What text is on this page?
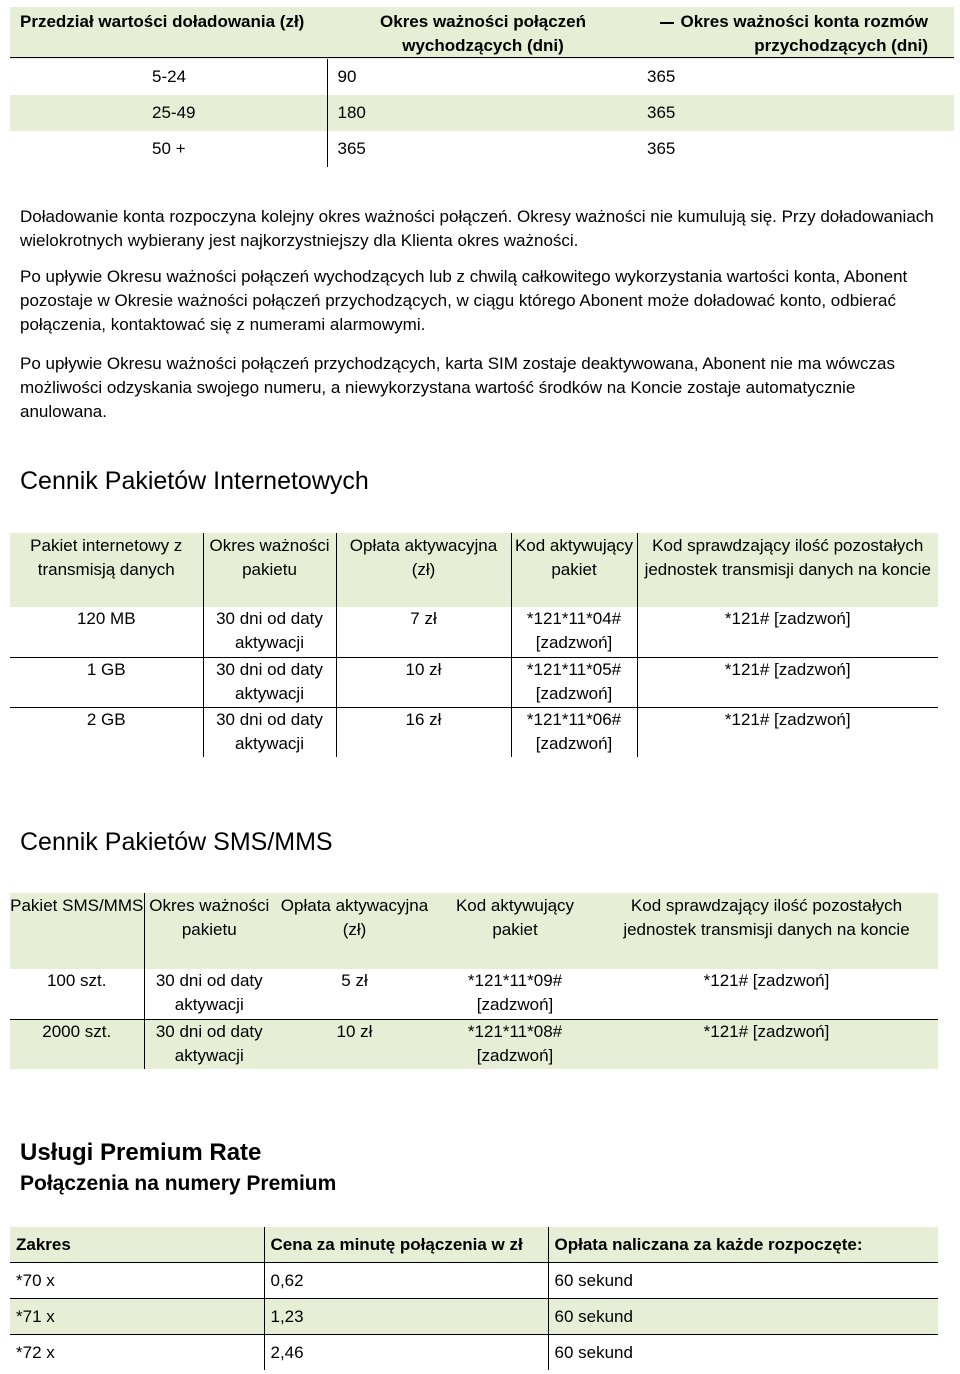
Przedział wartości doładowania (zł)	Okres ważności połączeń wychodzących (dni)	Okres ważności konta rozmów przychodzących (dni)
5-24	90	365
25-49	180	365
50 +	365	365

Doładowanie konta rozpoczyna kolejny okres ważności połączeń. Okresy ważności nie kumulują się. Przy doładowaniach wielokrotnych wybierany jest najkorzystniejszy dla Klienta okres ważności.

Po upływie Okresu ważności połączeń wychodzących lub z chwilą całkowitego wykorzystania wartości konta, Abonent pozostaje w Okresie ważności połączeń przychodzących, w ciągu którego Abonent może doładować konto, odbierać połączenia, kontaktować się z numerami alarmowymi.

Po upływie Okresu ważności połączeń przychodzących, karta SIM zostaje deaktywowana, Abonent nie ma wówczas możliwości odzyskania swojego numeru, a niewykorzystana wartość środków na Koncie zostaje automatycznie anulowana.

Cennik Pakietów Internetowych
Pakiet internetowy z transmisją danych	Okres ważności pakietu	Opłata aktywacyjna (zł)	Kod aktywujący pakiet	Kod sprawdzający ilość pozostałych jednostek transmisji danych na koncie
120 MB	30 dni od daty aktywacji	7 zł	*121*11*04# [zadzwoń]	*121# [zadzwoń]
1 GB	30 dni od daty aktywacji	10 zł	*121*11*05# [zadzwoń]	*121# [zadzwoń]
2 GB	30 dni od daty aktywacji	16 zł	*121*11*06# [zadzwoń]	*121# [zadzwoń]
Cennik Pakietów SMS/MMS
Pakiet SMS/MMS	Okres ważności pakietu	Opłata aktywacyjna (zł)	Kod aktywujący pakiet	Kod sprawdzający ilość pozostałych jednostek transmisji danych na koncie
100 szt.	30 dni od daty aktywacji	5 zł	*121*11*09# [zadzwoń]	*121# [zadzwoń]
2000 szt.	30 dni od daty aktywacji	10 zł	*121*11*08# [zadzwoń]	*121# [zadzwoń]
Usługi Premium Rate
Połączenia na numery Premium
Zakres	Cena za minutę połączenia w zł	Opłata naliczana za każde rozpoczęte:
*70 x	0,62	60 sekund
*71 x	1,23	60 sekund
*72 x	2,46	60 sekund
